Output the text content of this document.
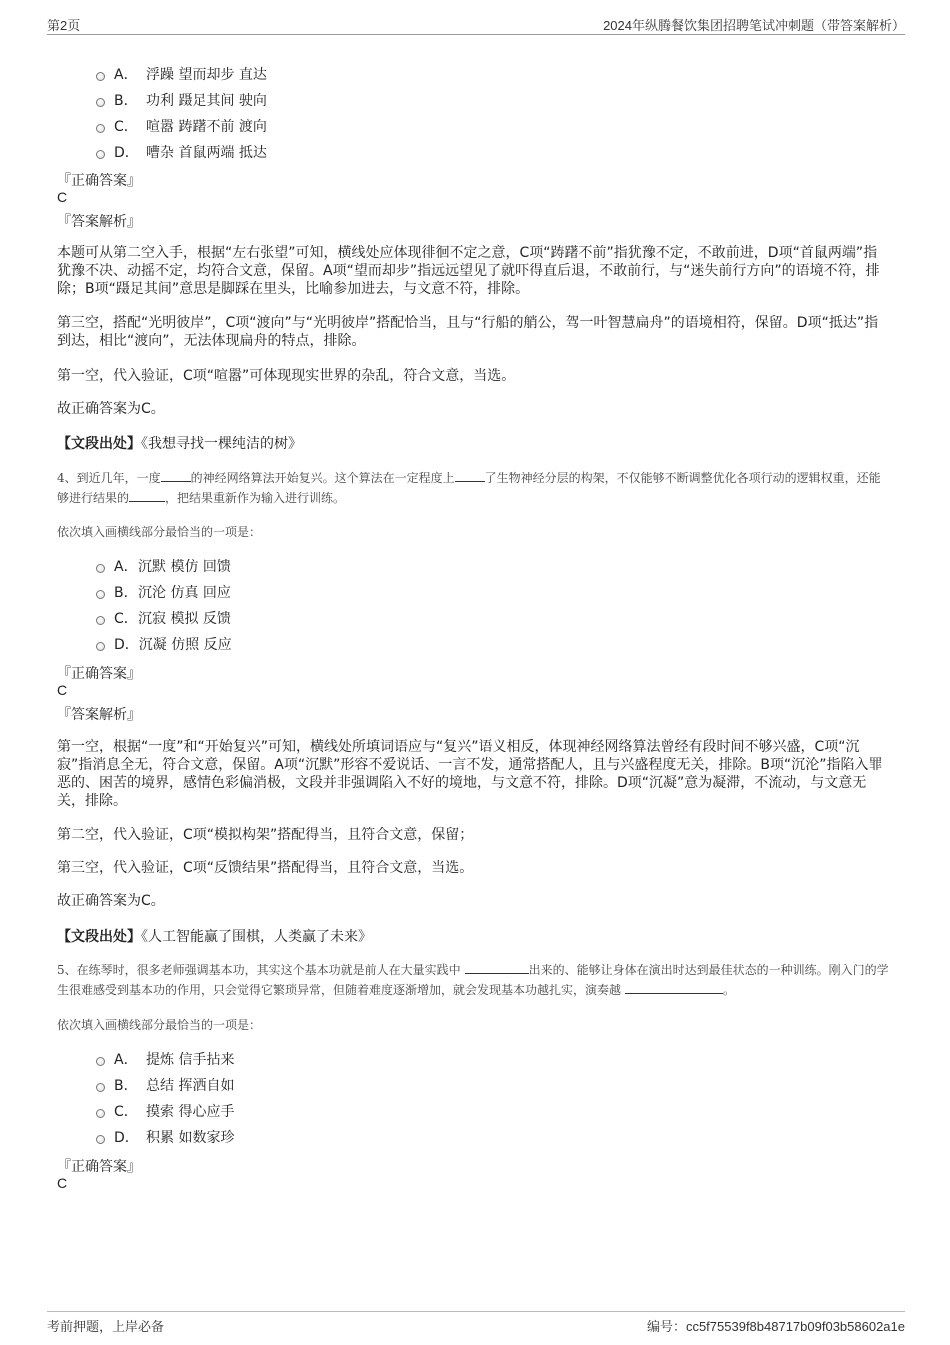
第2页	2024年纵腾餐饮集团招聘笔试冲刺题（带答案解析）
A． 浮躁 望而却步 直达
B． 功利 蹑足其间 驶向
C． 喧嚣 踌躇不前 渡向
D． 嘈杂 首鼠两端 抵达
『正确答案』
C
『答案解析』
本题可从第二空入手，根据“左右张望”可知，横线处应体现徘徊不定之意，C项“踌躇不前”指犹豫不定，不敢前进，D项“首鼠两端”指犹豫不决、动摇不定，均符合文意，保留。A项“望而却步”指远远望见了就吓得直后退，不敢前行，与“迷失前行方向”的语境不符，排除；B项“蹑足其间”意思是脚踩在里头，比喻参加进去，与文意不符，排除。
第三空，搭配“光明彼岸”，C项“渡向”与“光明彼岸”搭配恰当，且与“行船的艄公，驾一叶智慧扁舟”的语境相符，保留。D项“抵达”指到达，相比“渡向”，无法体现扁舟的特点，排除。
第一空，代入验证，C项“喧嚣”可体现现实世界的杂乱，符合文意，当选。
故正确答案为C。
【文段出处】《我想寻找一棵纯洁的树》
4、到近几年，一度	的神经网络算法开始复兴。这个算法在一定程度上	了生物神经分层的构架，不仅能够不断调整优化各项行动的逻辑权重，还能够进行结果的	，把结果重新作为输入进行训练。
依次填入画横线部分最恰当的一项是：
A． 沉默 模仿 回馈
B． 沉沦 仿真 回应
C． 沉寂 模拟 反馈
D． 沉凝 仿照 反应
『正确答案』
C
『答案解析』
第一空，根据“一度”和“开始复兴”可知，横线处所填词语应与“复兴”语义相反，体现神经网络算法曾经有段时间不够兴盛，C项“沉寂”指消息全无，符合文意，保留。A项“沉默”形容不爱说话、一言不发，通常搭配人，且与兴盛程度无关，排除。B项“沉沦”指陷入罪恶的、困苦的境界，感情色彩偏消极，文段并非强调陷入不好的境地，与文意不符，排除。D项“沉凝”意为凝滞，不流动，与文意无关，排除。
第二空，代入验证，C项“模拟构架”搭配得当，且符合文意，保留；
第三空，代入验证，C项“反馈结果”搭配得当，且符合文意，当选。
故正确答案为C。
【文段出处】《人工智能赢了围棋，人类赢了未来》
5、在练琴时，很多老师强调基本功，其实这个基本功就是前人在大量实践中	出来的、能够让身体在演出时达到最佳状态的一种训练。刚入门的学生很难感受到基本功的作用，只会觉得它繁琐异常，但随着难度逐渐增加，就会发现基本功越扎实，演奏越	。
依次填入画横线部分最恰当的一项是：
A． 提炼 信手拈来
B． 总结 挥洒自如
C． 摸索 得心应手
D． 积累 如数家珍
『正确答案』
C
考前押题，上岸必备	编号：cc5f75539f8b48717b09f03b58602a1e
